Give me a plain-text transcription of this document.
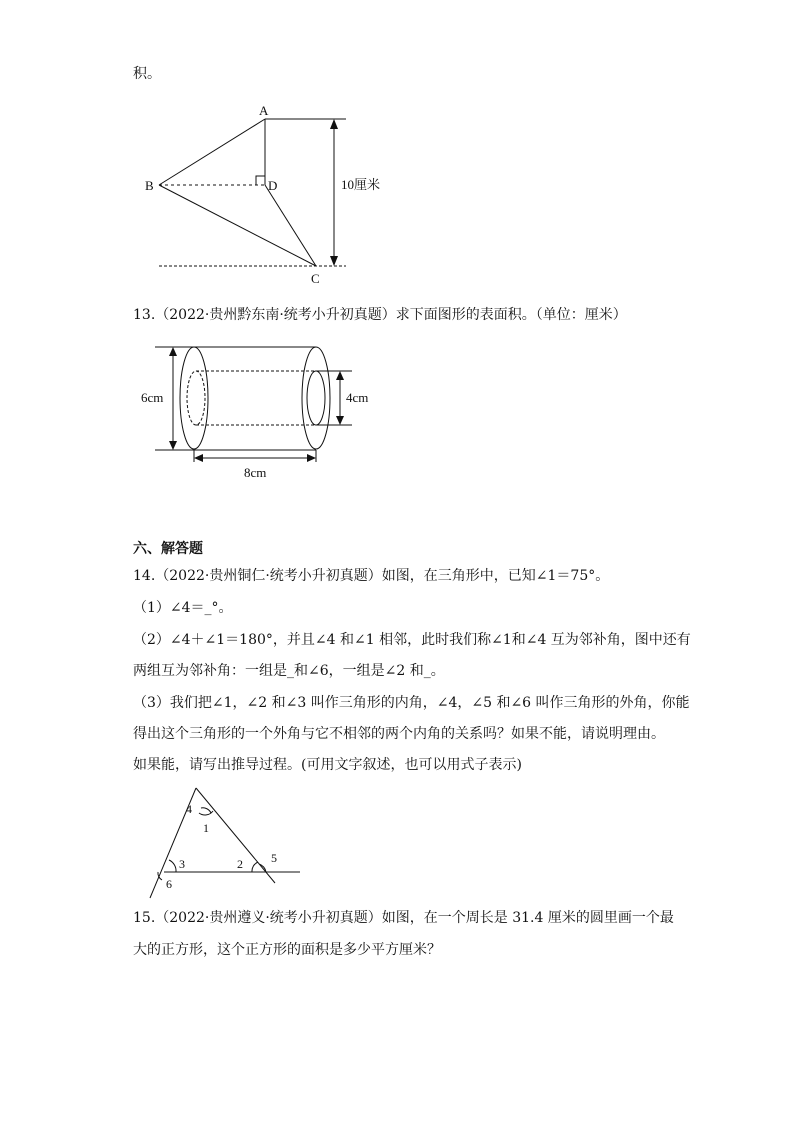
积。
A
B
C
D	10厘米
13.（2022·贵州黔东南·统考小升初真题）求下面图形的表面积。（单位：厘米）
6cm	4cm
8cm
六、解答题
14.（2022·贵州铜仁·统考小升初真题）如图，在三角形中，已知∠1＝75°。
（1）∠4＝_°。
（2）∠4＋∠1＝180°，并且∠4 和∠1 相邻，此时我们称∠1和∠4 互为邻补角，图中还有
两组互为邻补角：一组是_和∠6，一组是∠2 和_。
（3）我们把∠1，∠2 和∠3 叫作三角形的内角，∠4，∠5 和∠6 叫作三角形的外角，你能
得出这个三角形的一个外角与它不相邻的两个内角的关系吗？如果不能，请说明理由。
如果能，请写出推导过程。(可用文字叙述，也可以用式子表示)
4
1
3
6
2 5
15.（2022·贵州遵义·统考小升初真题）如图，在一个周长是 31.4 厘米的圆里画一个最
大的正方形，这个正方形的面积是多少平方厘米？
